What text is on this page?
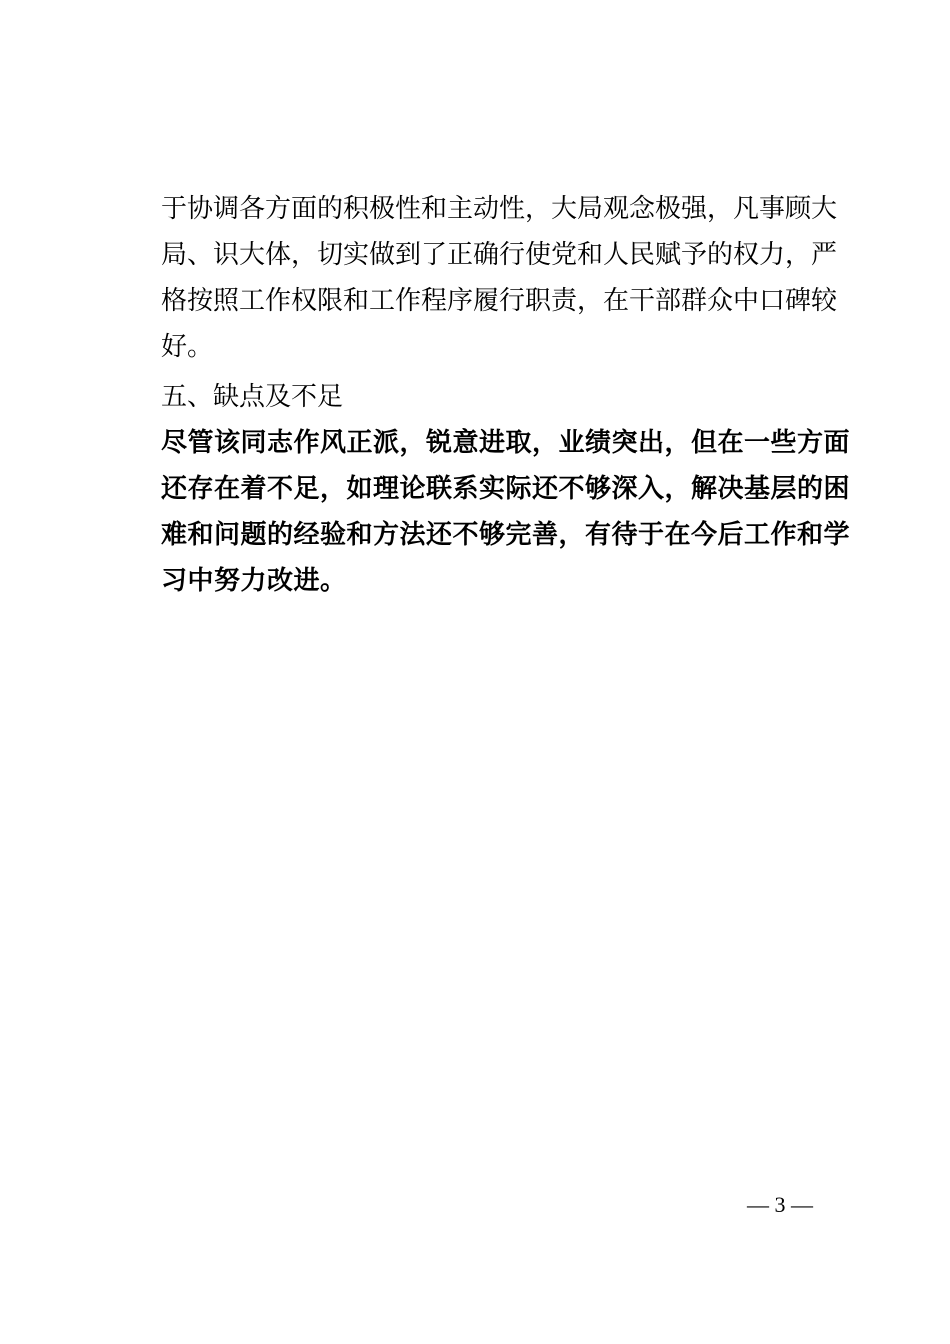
于协调各方面的积极性和主动性，大局观念极强，凡事顾大
局、识大体，切实做到了正确行使党和人民赋予的权力，严
格按照工作权限和工作程序履行职责，在干部群众中口碑较
好。
五、缺点及不足
尽管该同志作风正派，锐意进取，业绩突出，但在一些方面
还存在着不足，如理论联系实际还不够深入，解决基层的困
难和问题的经验和方法还不够完善，有待于在今后工作和学
习中努力改进。
— 3 —
